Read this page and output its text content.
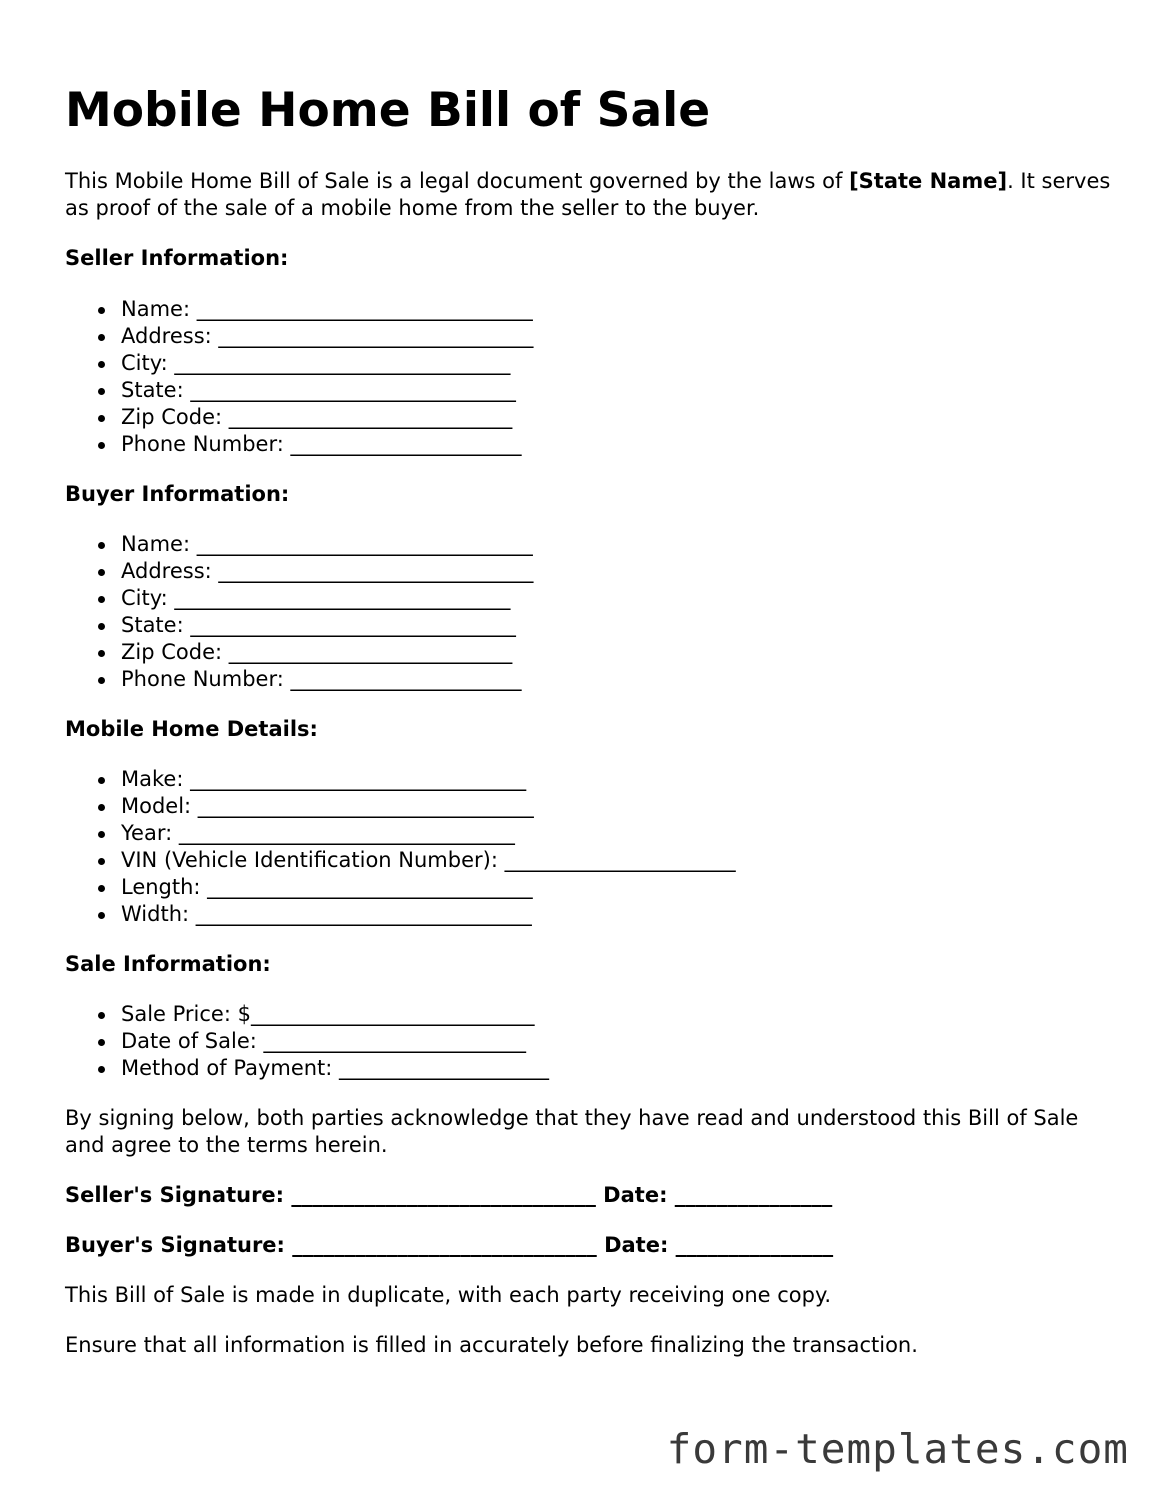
Mobile Home Bill of Sale

This Mobile Home Bill of Sale is a legal document governed by the laws of [State Name]. It serves as proof of the sale of a mobile home from the seller to the buyer.

Seller Information:
Name: ________________________________
Address: ______________________________
City: ________________________________
State: _______________________________
Zip Code: ___________________________
Phone Number: ______________________
Buyer Information:
Name: ________________________________
Address: ______________________________
City: ________________________________
State: _______________________________
Zip Code: ___________________________
Phone Number: ______________________
Mobile Home Details:
Make: ________________________________
Model: ________________________________
Year: ________________________________
VIN (Vehicle Identification Number): ______________________
Length: _______________________________
Width: ________________________________
Sale Information:
Sale Price: $___________________________
Date of Sale: _________________________
Method of Payment: ____________________

By signing below, both parties acknowledge that they have read and understood this Bill of Sale and agree to the terms herein.

Seller's Signature: _____________________________ Date: _______________
Buyer's Signature: _____________________________ Date: _______________

This Bill of Sale is made in duplicate, with each party receiving one copy.

Ensure that all information is filled in accurately before finalizing the transaction.

form-templates.com
